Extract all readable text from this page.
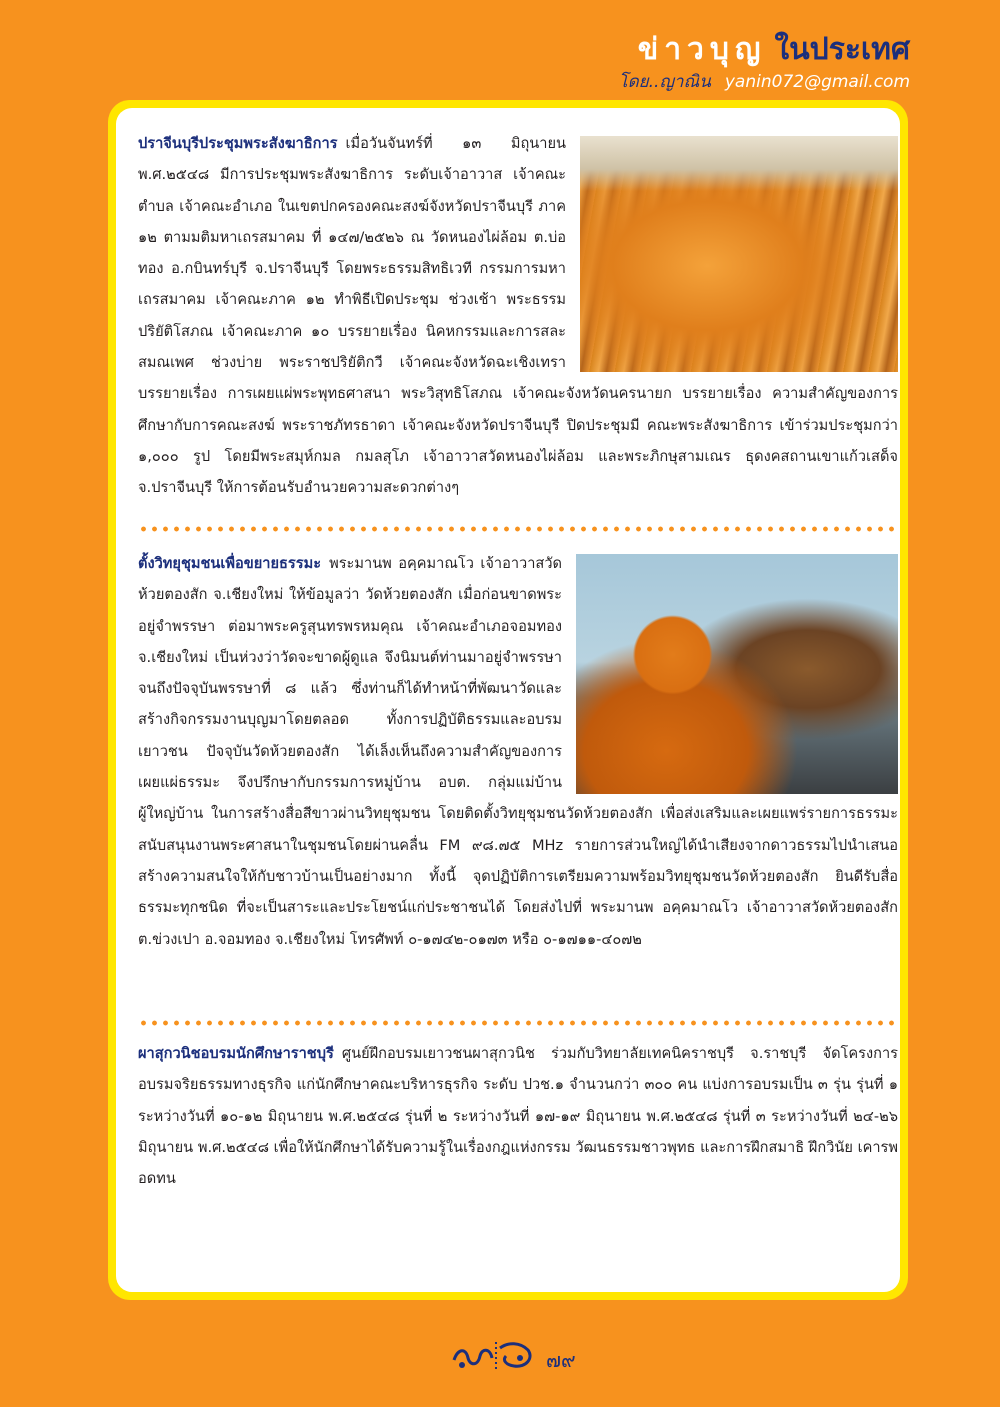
ข่าวบุญ ในประเทศ
โดย..ญาณิน yanin072@gmail.com

ปราจีนบุรีประชุมพระสังฆาธิการ เมื่อวันจันทร์ที่ ๑๓ มิถุนายน พ.ศ.๒๕๔๘ มีการประชุมพระสังฆาธิการ ระดับเจ้าอาวาส เจ้าคณะตำบล เจ้าคณะอำเภอ ในเขตปกครองคณะสงฆ์จังหวัดปราจีนบุรี ภาค ๑๒ ตามมติมหาเถรสมาคม ที่ ๑๔๗/๒๕๒๖ ณ วัดหนองไผ่ล้อม ต.บ่อทอง อ.กบินทร์บุรี จ.ปราจีนบุรี โดยพระธรรมสิทธิเวที กรรมการมหาเถรสมาคม เจ้าคณะภาค ๑๒ ทำพิธีเปิดประชุม ช่วงเช้า พระธรรมปริยัติโสภณ เจ้าคณะภาค ๑๐ บรรยายเรื่อง นิคหกรรมและการสละสมณเพศ ช่วงบ่าย พระราชปริยัติกวี เจ้าคณะจังหวัดฉะเชิงเทรา บรรยายเรื่อง การเผยแผ่พระพุทธศาสนา พระวิสุทธิโสภณ เจ้าคณะจังหวัดนครนายก บรรยายเรื่อง ความสำคัญของการศึกษากับการคณะสงฆ์ พระราชภัทรธาดา เจ้าคณะจังหวัดปราจีนบุรี ปิดประชุมมี คณะพระสังฆาธิการ เข้าร่วมประชุมกว่า ๑,๐๐๐ รูป โดยมีพระสมุห์กมล กมลสุโภ เจ้าอาวาสวัดหนองไผ่ล้อม และพระภิกษุสามเณร ธุดงคสถานเขาแก้วเสด็จ จ.ปราจีนบุรี ให้การต้อนรับอำนวยความสะดวกต่างๆ

ตั้งวิทยุชุมชนเพื่อขยายธรรมะ พระมานพ อคฺคมาณโว เจ้าอาวาสวัดห้วยตองสัก จ.เชียงใหม่ ให้ข้อมูลว่า วัดห้วยตองสัก เมื่อก่อนขาดพระอยู่จำพรรษา ต่อมาพระครูสุนทรพรหมคุณ เจ้าคณะอำเภอจอมทอง จ.เชียงใหม่ เป็นห่วงว่าวัดจะขาดผู้ดูแล จึงนิมนต์ท่านมาอยู่จำพรรษา จนถึงปัจจุบันพรรษาที่ ๘ แล้ว ซึ่งท่านก็ได้ทำหน้าที่พัฒนาวัดและสร้างกิจกรรมงานบุญมาโดยตลอด ทั้งการปฏิบัติธรรมและอบรมเยาวชน ปัจจุบันวัดห้วยตองสัก ได้เล็งเห็นถึงความสำคัญของการเผยแผ่ธรรมะ จึงปรึกษากับกรรมการหมู่บ้าน อบต. กลุ่มแม่บ้าน ผู้ใหญ่บ้าน ในการสร้างสื่อสีขาวผ่านวิทยุชุมชน โดยติดตั้งวิทยุชุมชนวัดห้วยตองสัก เพื่อส่งเสริมและเผยแพร่รายการธรรมะสนับสนุนงานพระศาสนาในชุมชนโดยผ่านคลื่น FM ๙๘.๗๕ MHz รายการส่วนใหญ่ได้นำเสียงจากดาวธรรมไปนำเสนอ สร้างความสนใจให้กับชาวบ้านเป็นอย่างมาก ทั้งนี้ จุดปฏิบัติการเตรียมความพร้อมวิทยุชุมชนวัดห้วยตองสัก ยินดีรับสื่อธรรมะทุกชนิด ที่จะเป็นสาระและประโยชน์แก่ประชาชนได้ โดยส่งไปที่ พระมานพ อคฺคมาณโว เจ้าอาวาสวัดห้วยตองสัก ต.ข่วงเปา อ.จอมทอง จ.เชียงใหม่ โทรศัพท์ ๐-๑๗๔๒-๐๑๗๓ หรือ ๐-๑๗๑๑-๔๐๗๒

ผาสุกวนิชอบรมนักศึกษาราชบุรี ศูนย์ฝึกอบรมเยาวชนผาสุกวนิช ร่วมกับวิทยาลัยเทคนิคราชบุรี จ.ราชบุรี จัดโครงการอบรมจริยธรรมทางธุรกิจ แก่นักศึกษาคณะบริหารธุรกิจ ระดับ ปวช.๑ จำนวนกว่า ๓๐๐ คน แบ่งการอบรมเป็น ๓ รุ่น รุ่นที่ ๑ ระหว่างวันที่ ๑๐-๑๒ มิถุนายน พ.ศ.๒๕๔๘ รุ่นที่ ๒ ระหว่างวันที่ ๑๗-๑๙ มิถุนายน พ.ศ.๒๕๔๘ รุ่นที่ ๓ ระหว่างวันที่ ๒๔-๒๖ มิถุนายน พ.ศ.๒๕๔๘ เพื่อให้นักศึกษาได้รับความรู้ในเรื่องกฎแห่งกรรม วัฒนธรรมชาวพุทธ และการฝึกสมาธิ ฝึกวินัย เคารพ อดทน

๗๙
